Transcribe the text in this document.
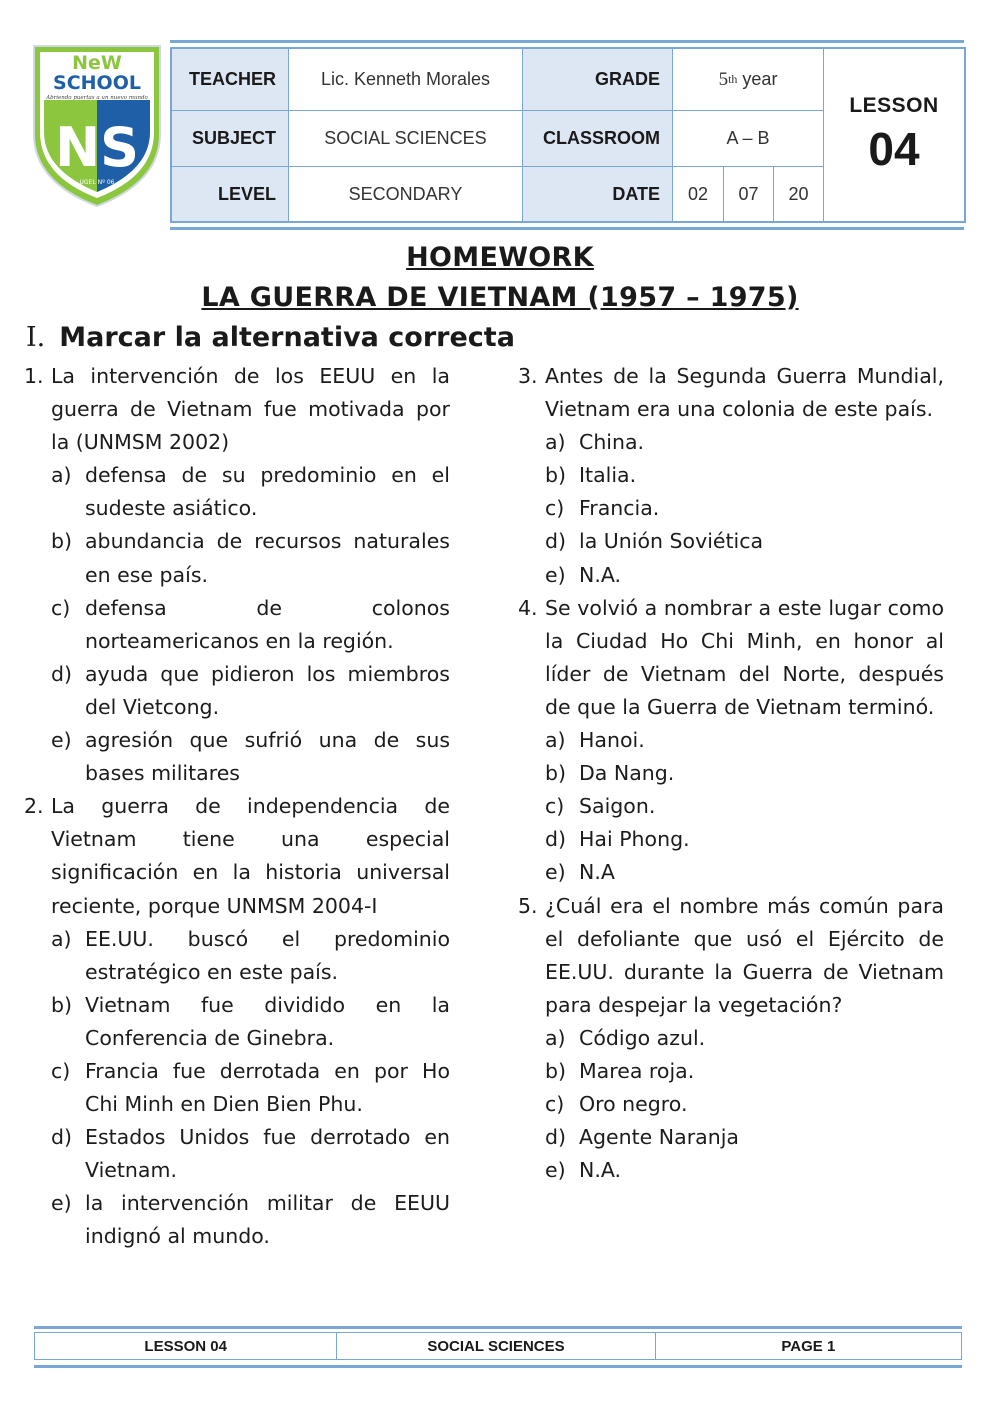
NeW
SCHOOL
Abriendo puertas a un nuevo mundo
NS
UGEL Nº 06
TEACHER	Lic. Kenneth Morales	GRADE	5 th
year
SUBJECT	SOCIAL SCIENCES	CLASSROOM	A – B
LEVEL	SECONDARY	DATE	02	07	20
LESSON
04
HOMEWORK
LA GUERRA DE VIETNAM (1957 – 1975)
I. Marcar la alternativa correcta
1. La intervención de los EEUU en la guerra de Vietnam fue motivada por la (UNMSM 2002)
a) defensa de su predominio en el sudeste asiático.
b) abundancia de recursos naturales en ese país.
c) defensa de colonos norteamericanos en la región.
d) ayuda que pidieron los miembros del Vietcong.
e) agresión que sufrió una de sus bases militares
2. La guerra de independencia de Vietnam tiene una especial significación en la historia universal reciente, porque UNMSM 2004-I
a) EE.UU. buscó el predominio estratégico en este país.
b) Vietnam fue dividido en la Conferencia de Ginebra.
c) Francia fue derrotada en por Ho Chi Minh en Dien Bien Phu.
d) Estados Unidos fue derrotado en Vietnam.
e) la intervención militar de EEUU indignó al mundo.
3. Antes de la Segunda Guerra Mundial, Vietnam era una colonia de este país.
a) China.
b) Italia.
c) Francia.
d) la Unión Soviética
e) N.A.
4. Se volvió a nombrar a este lugar como la Ciudad Ho Chi Minh, en honor al líder de Vietnam del Norte, después de que la Guerra de Vietnam terminó.
a) Hanoi.
b) Da Nang.
c) Saigon.
d) Hai Phong.
e) N.A
5. ¿Cuál era el nombre más común para el defoliante que usó el Ejército de EE.UU. durante la Guerra de Vietnam para despejar la vegetación?
a) Código azul.
b) Marea roja.
c) Oro negro.
d) Agente Naranja
e) N.A.
LESSON 04	SOCIAL SCIENCES	PAGE 1
